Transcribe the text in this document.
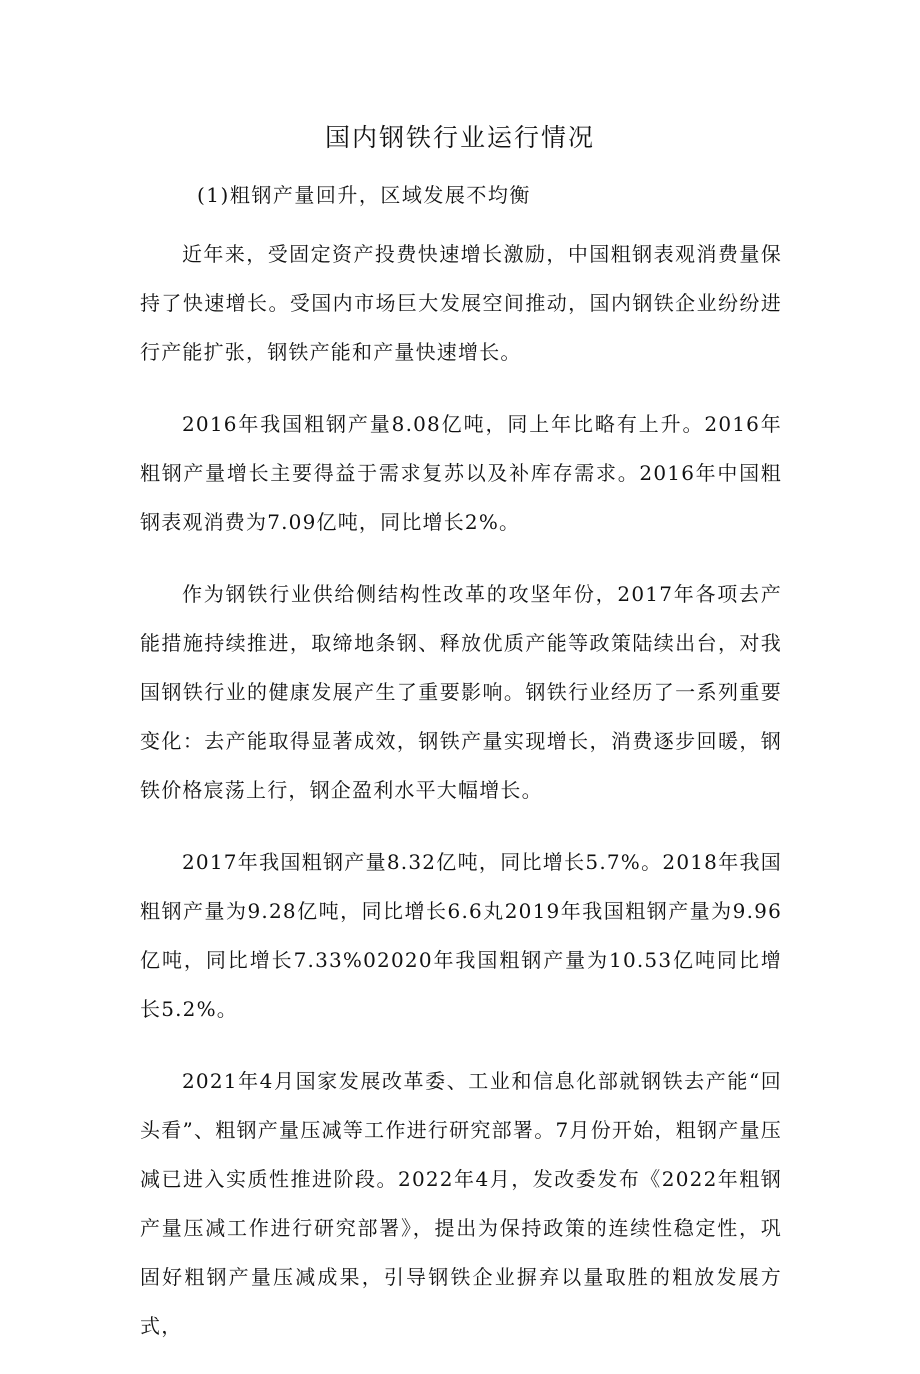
国内钢铁行业运行情况
(1)粗钢产量回升，区域发展不均衡

近年来，受固定资产投费快速增长激励，中国粗钢表观消费量保持了快速增长。受国内市场巨大发展空间推动，国内钢铁企业纷纷进行产能扩张，钢铁产能和产量快速增长。

2016年我国粗钢产量8.08亿吨，同上年比略有上升。2016年粗钢产量增长主要得益于需求复苏以及补库存需求。2016年中国粗钢表观消费为7.09亿吨，同比增长2%。

作为钢铁行业供给侧结构性改革的攻坚年份，2017年各项去产能措施持续推进，取缔地条钢、释放优质产能等政策陆续出台，对我国钢铁行业的健康发展产生了重要影响。钢铁行业经历了一系列重要变化：去产能取得显著成效，钢铁产量实现增长，消费逐步回暖，钢铁价格宸荡上行，钢企盈利水平大幅增长。

2017年我国粗钢产量8.32亿吨，同比增长5.7%。2018年我国粗钢产量为9.28亿吨，同比增长6.6丸2019年我国粗钢产量为9.96亿吨，同比增长7.33%02020年我国粗钢产量为10.53亿吨同比增长5.2%。

2021年4月国家发展改革委、工业和信息化部就钢铁去产能“回头看”、粗钢产量压减等工作进行研究部署。7月份开始，粗钢产量压减已进入实质性推进阶段。2022年4月，发改委发布《2022年粗钢产量压减工作进行研究部署》，提出为保持政策的连续性稳定性，巩固好粗钢产量压减成果，引导钢铁企业摒弃以量取胜的粗放发展方式，
